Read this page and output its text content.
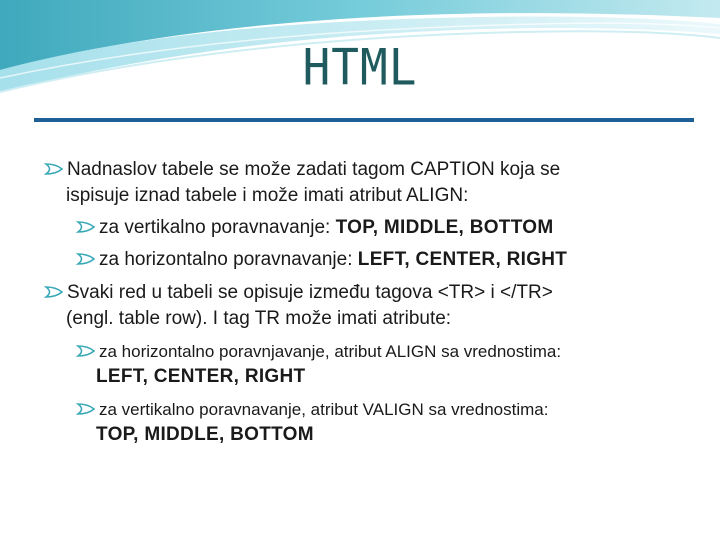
HTML
Nadnaslov tabele se može zadati tagom CAPTION koja se
ispisuje iznad tabele i može imati atribut ALIGN:
za vertikalno poravnavanje: TOP, MIDDLE, BOTTOM
za horizontalno poravnavanje: LEFT, CENTER, RIGHT
Svaki red u tabeli se opisuje između tagova <TR> i </TR>
(engl. table row). I tag TR može imati atribute:
za horizontalno poravnjavanje, atribut ALIGN sa vrednostima:
LEFT, CENTER, RIGHT
za vertikalno poravnavanje, atribut VALIGN sa vrednostima:
TOP, MIDDLE, BOTTOM
